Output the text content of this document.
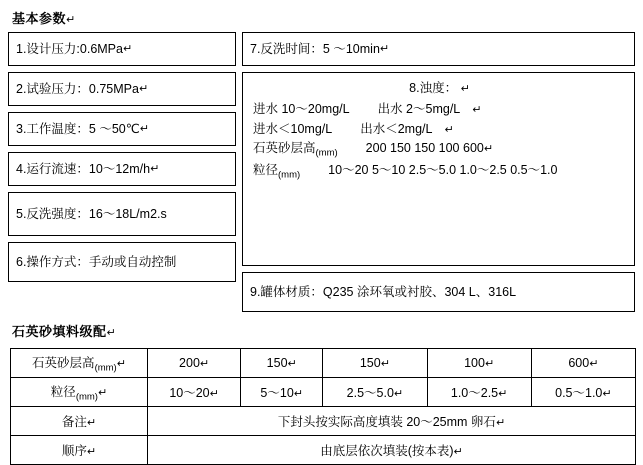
基本参数↵
1.设计压力:0.6MPa ↵
2.试验压力：0.75MPa ↵
3.工作温度：5 ～50℃ ↵
4.运行流速：10～12m/h ↵
5.反洗强度：16～18L/m2.s
6.操作方式：手动或自动控制
7.反洗时间：5 ～10min ↵
8.浊度： ↵
进水 10～20mg/L 出水 2～5mg/L ↵
进水＜10mg/L 出水＜2mg/L ↵
石英砂层高$_{(mm)}$ 200 150 150 100 600↵
粒径$_{(mm)}$ 10～20 5～10 2.5～5.0 1.0～2.5 0.5～1.0
9.罐体材质：Q235 涂环氧或衬胶、304 L、316L
石英砂填料级配↵
石英砂层高$_{(mm)}$↵	200↵	150↵	150↵	100↵	600↵
粒径$_{(mm)}$↵	10～20↵	5～10↵	2.5～5.0↵	1.0～2.5↵	0.5～1.0↵
备注↵	下封头按实际高度填装 20～25mm 卵石↵				
顺序↵	由底层依次填装(按本表)↵				
